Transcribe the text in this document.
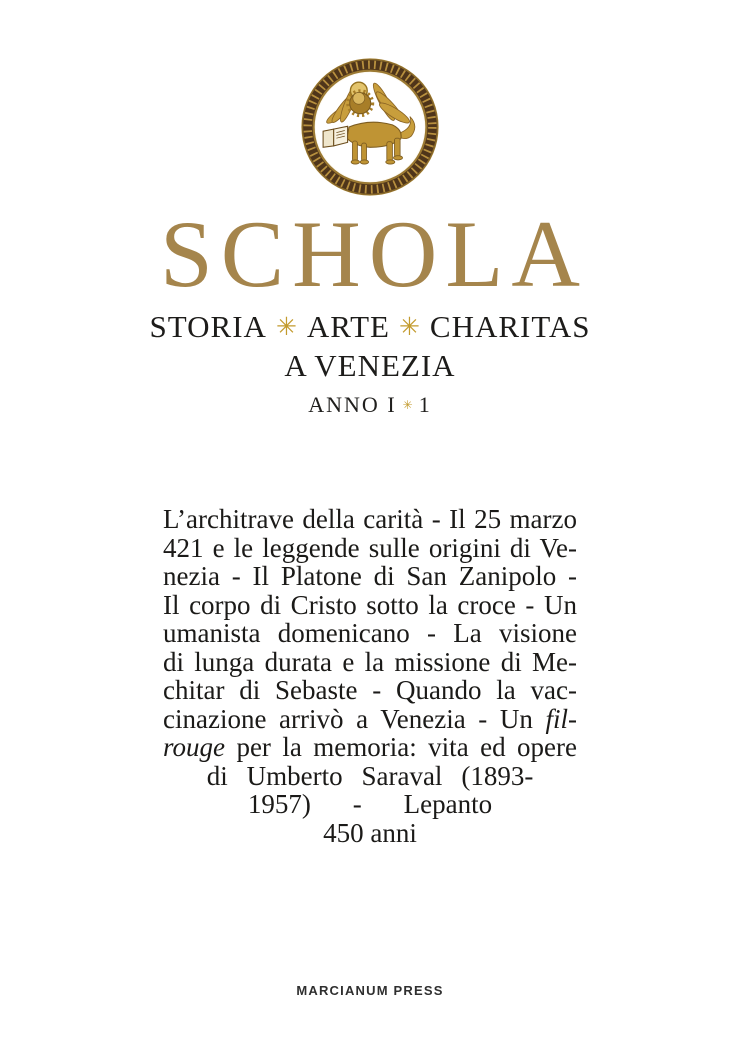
SCHOLA
STORIA ✳ ARTE ✳ CHARITAS
A VENEZIA
ANNO I ✳ 1
L’architrave della carità - Il 25 marzo
421 e le leggende sulle origini di Ve-
nezia - Il Platone di San Zanipolo -
Il corpo di Cristo sotto la croce - Un
umanista domenicano - La visione
di lunga durata e la missione di Me-
chitar di Sebaste - Quando la vac-
cinazione arrivò a Venezia - Un fil-
rouge per la memoria: vita ed opere
di Umberto Saraval (1893-
1957) - Lepanto
450 anni
MARCIANUM PRESS
